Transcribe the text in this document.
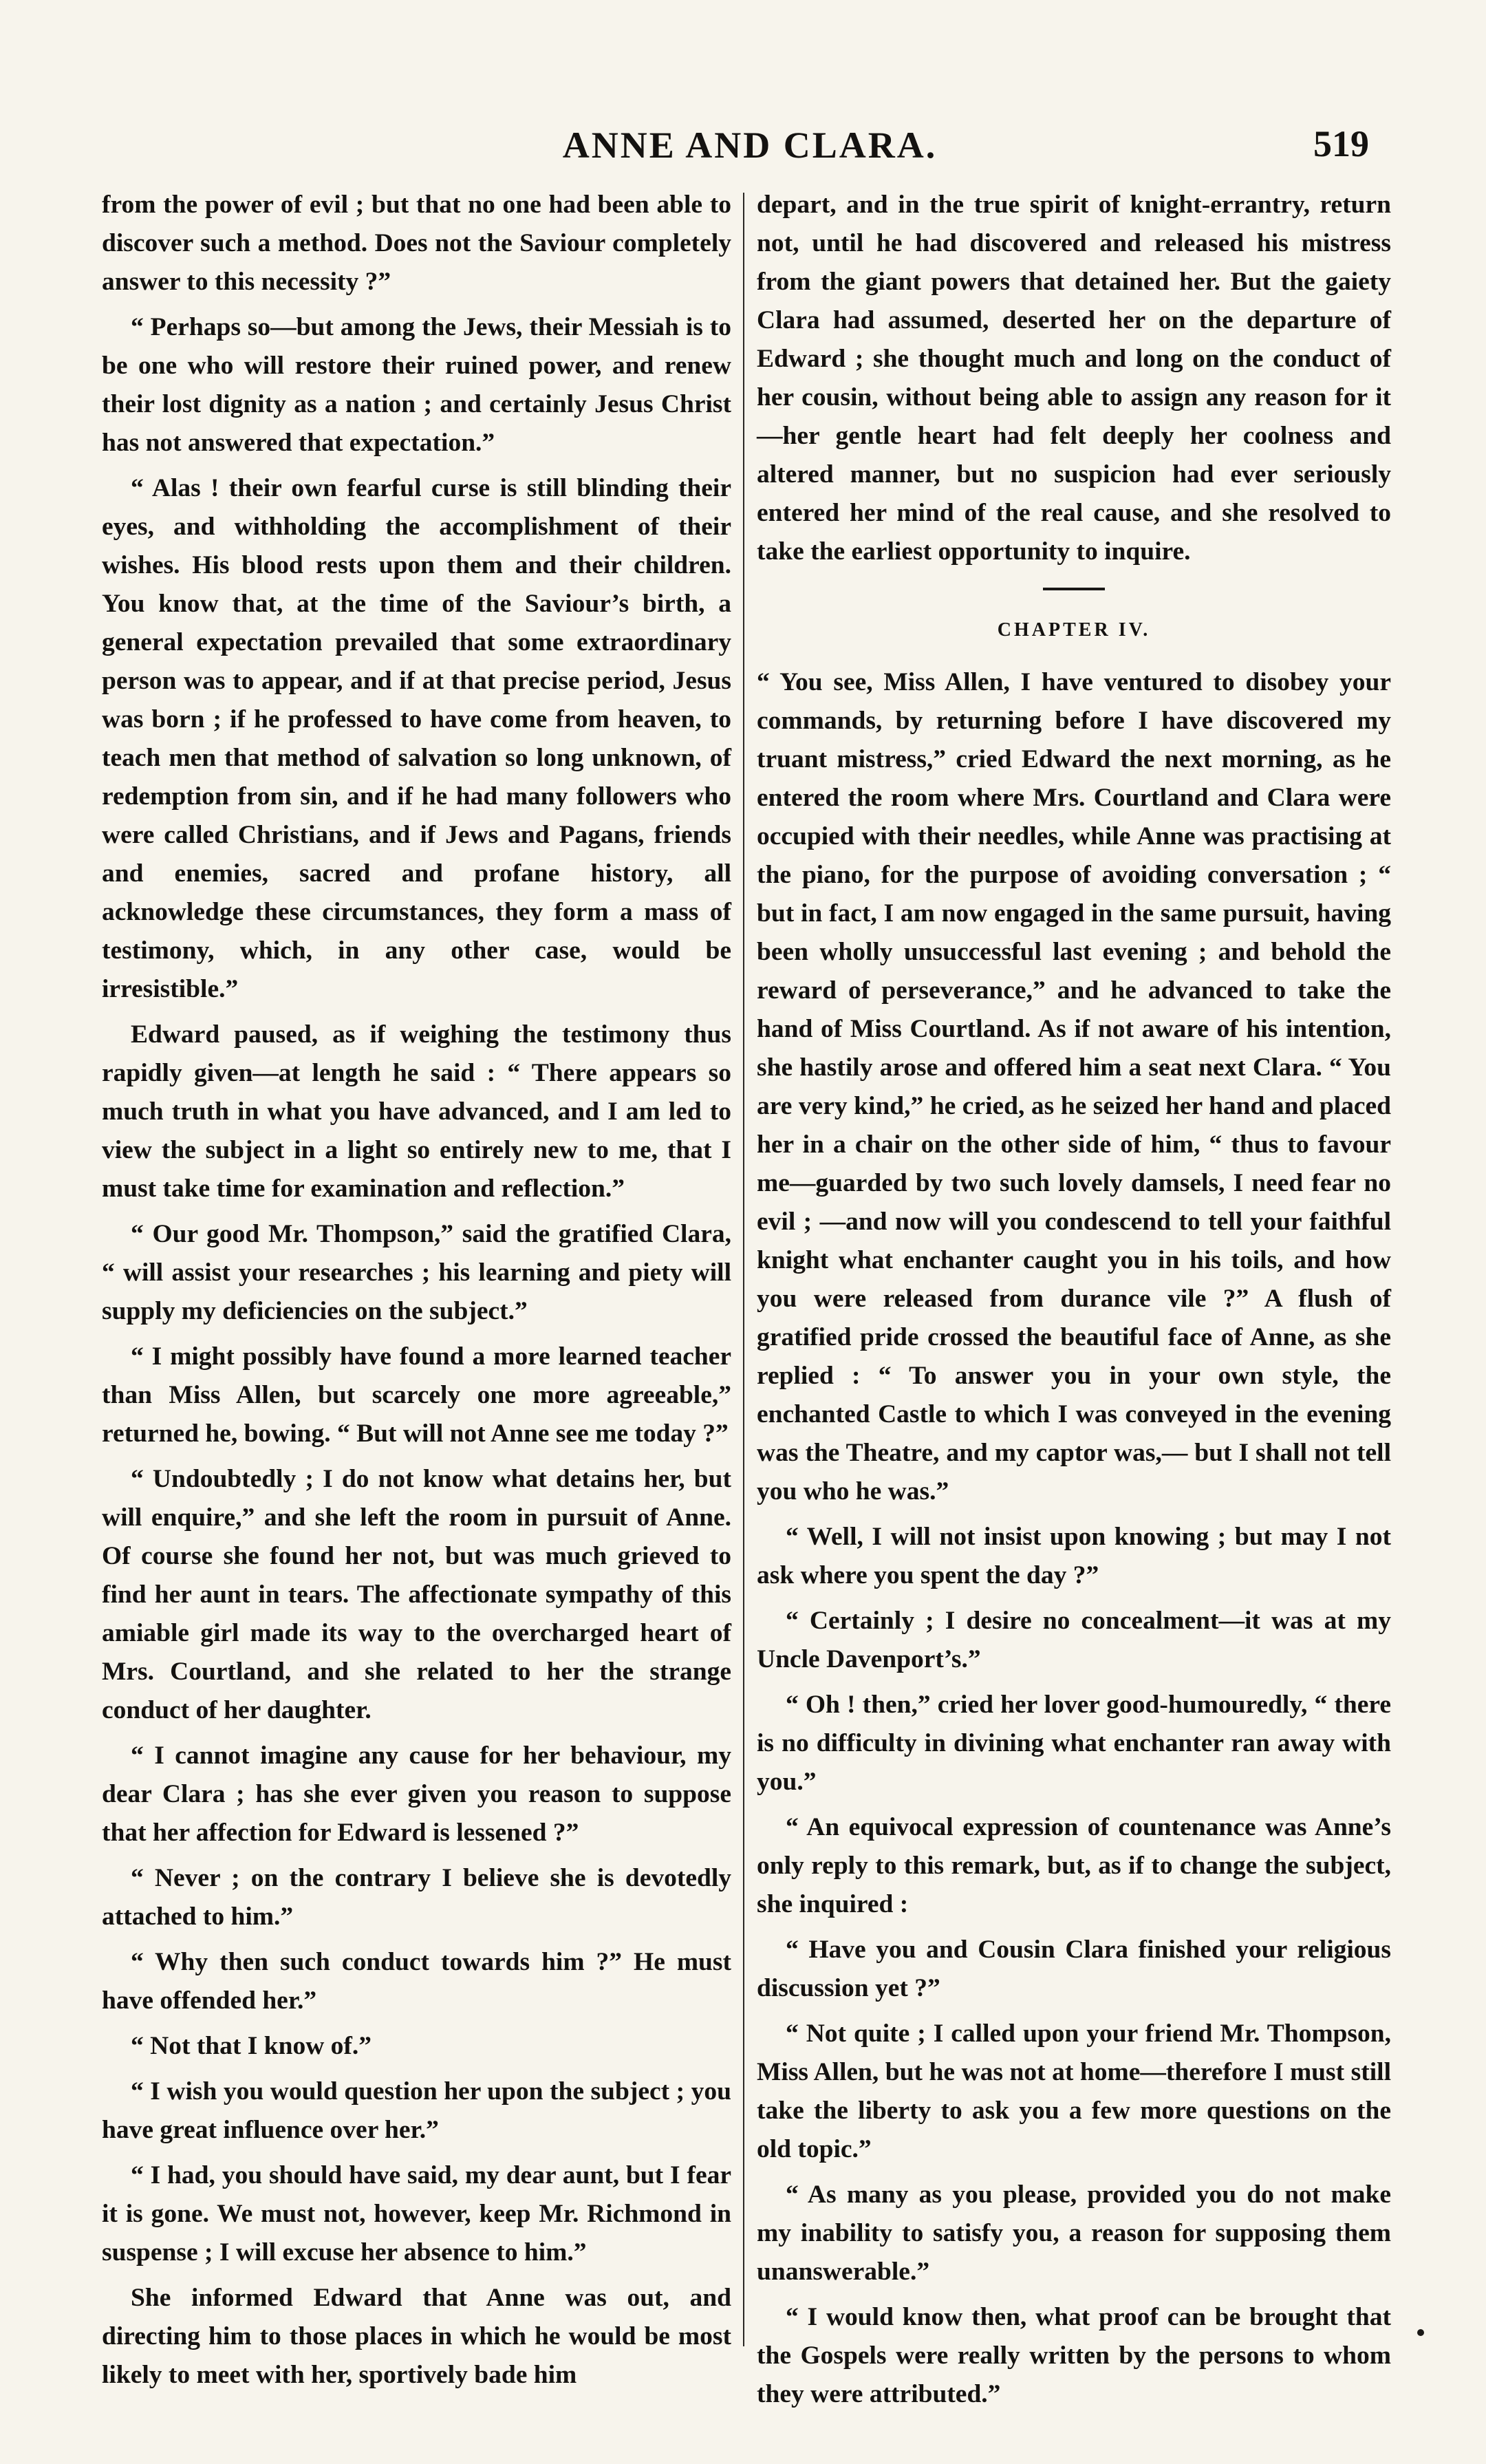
ANNE AND CLARA.	519

from the power of evil ; but that no one had been able to discover such a method. Does not the Saviour completely answer to this necessity ?”

“ Perhaps so—but among the Jews, their Messiah is to be one who will restore their ruined power, and renew their lost dignity as a nation ; and certainly Jesus Christ has not answered that expectation.”

“ Alas ! their own fearful curse is still blinding their eyes, and withholding the accomplishment of their wishes. His blood rests upon them and their children. You know that, at the time of the Saviour’s birth, a general expectation prevailed that some extraordinary person was to appear, and if at that precise period, Jesus was born ; if he professed to have come from heaven, to teach men that method of salvation so long unknown, of redemption from sin, and if he had many followers who were called Christians, and if Jews and Pagans, friends and enemies, sacred and profane history, all acknowledge these circumstances, they form a mass of testimony, which, in any other case, would be irresistible.”

Edward paused, as if weighing the testimony thus rapidly given—at length he said : “ There appears so much truth in what you have advanced, and I am led to view the subject in a light so entirely new to me, that I must take time for examination and reflection.”

“ Our good Mr. Thompson,” said the gratified Clara, “ will assist your researches ; his learning and piety will supply my deficiencies on the subject.”

“ I might possibly have found a more learned teacher than Miss Allen, but scarcely one more agreeable,” returned he, bowing. “ But will not Anne see me today ?”

“ Undoubtedly ; I do not know what detains her, but will enquire,” and she left the room in pursuit of Anne. Of course she found her not, but was much grieved to find her aunt in tears. The affectionate sympathy of this amiable girl made its way to the overcharged heart of Mrs. Courtland, and she related to her the strange conduct of her daughter.

“ I cannot imagine any cause for her behaviour, my dear Clara ; has she ever given you reason to suppose that her affection for Edward is lessened ?”

“ Never ; on the contrary I believe she is devotedly attached to him.”

“ Why then such conduct towards him ?” He must have offended her.”

“ Not that I know of.”

“ I wish you would question her upon the subject ; you have great influence over her.”

“ I had, you should have said, my dear aunt, but I fear it is gone. We must not, however, keep Mr. Richmond in suspense ; I will excuse her absence to him.”

She informed Edward that Anne was out, and directing him to those places in which he would be most likely to meet with her, sportively bade him

depart, and in the true spirit of knight-errantry, return not, until he had discovered and released his mistress from the giant powers that detained her. But the gaiety Clara had assumed, deserted her on the departure of Edward ; she thought much and long on the conduct of her cousin, without being able to assign any reason for it—her gentle heart had felt deeply her coolness and altered manner, but no suspicion had ever seriously entered her mind of the real cause, and she resolved to take the earliest opportunity to inquire.

CHAPTER IV.

“ You see, Miss Allen, I have ventured to disobey your commands, by returning before I have discovered my truant mistress,” cried Edward the next morning, as he entered the room where Mrs. Courtland and Clara were occupied with their needles, while Anne was practising at the piano, for the purpose of avoiding conversation ; “ but in fact, I am now engaged in the same pursuit, having been wholly unsuccessful last evening ; and behold the reward of perseverance,” and he advanced to take the hand of Miss Courtland. As if not aware of his intention, she hastily arose and offered him a seat next Clara. “ You are very kind,” he cried, as he seized her hand and placed her in a chair on the other side of him, “ thus to favour me—guarded by two such lovely damsels, I need fear no evil ; —and now will you condescend to tell your faithful knight what enchanter caught you in his toils, and how you were released from durance vile ?” A flush of gratified pride crossed the beautiful face of Anne, as she replied : “ To answer you in your own style, the enchanted Castle to which I was conveyed in the evening was the Theatre, and my captor was,— but I shall not tell you who he was.”

“ Well, I will not insist upon knowing ; but may I not ask where you spent the day ?”

“ Certainly ; I desire no concealment—it was at my Uncle Davenport’s.”

“ Oh ! then,” cried her lover good-humouredly, “ there is no difficulty in divining what enchanter ran away with you.”

“ An equivocal expression of countenance was Anne’s only reply to this remark, but, as if to change the subject, she inquired :

“ Have you and Cousin Clara finished your religious discussion yet ?”

“ Not quite ; I called upon your friend Mr. Thompson, Miss Allen, but he was not at home—therefore I must still take the liberty to ask you a few more questions on the old topic.”

“ As many as you please, provided you do not make my inability to satisfy you, a reason for supposing them unanswerable.”

“ I would know then, what proof can be brought that the Gospels were really written by the persons to whom they were attributed.”
